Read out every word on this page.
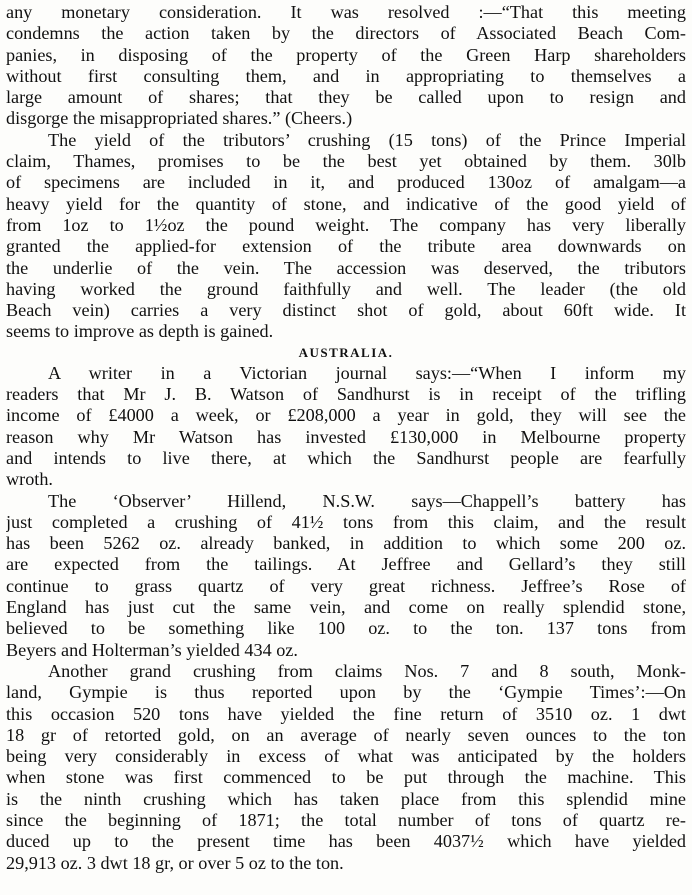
any monetary consideration. It was resolved :—“That this meeting
condemns the action taken by the directors of Associated Beach Com-
panies, in disposing of the property of the Green Harp shareholders
without first consulting them, and in appropriating to themselves a
large amount of shares; that they be called upon to resign and
disgorge the misappropriated shares.” (Cheers.)
The yield of the tributors’ crushing (15 tons) of the Prince Imperial
claim, Thames, promises to be the best yet obtained by them. 30lb
of specimens are included in it, and produced 130oz of amalgam—a
heavy yield for the quantity of stone, and indicative of the good yield of
from 1oz to 1½oz the pound weight. The company has very liberally
granted the applied-for extension of the tribute area downwards on
the underlie of the vein. The accession was deserved, the tributors
having worked the ground faithfully and well. The leader (the old
Beach vein) carries a very distinct shot of gold, about 60ft wide. It
seems to improve as depth is gained.
AUSTRALIA.
A writer in a Victorian journal says:—“When I inform my
readers that Mr J. B. Watson of Sandhurst is in receipt of the trifling
income of £4000 a week, or £208,000 a year in gold, they will see the
reason why Mr Watson has invested £130,000 in Melbourne property
and intends to live there, at which the Sandhurst people are fearfully
wroth.
The ‘Observer’ Hillend, N.S.W. says—Chappell’s battery has
just completed a crushing of 41½ tons from this claim, and the result
has been 5262 oz. already banked, in addition to which some 200 oz.
are expected from the tailings. At Jeffree and Gellard’s they still
continue to grass quartz of very great richness. Jeffree’s Rose of
England has just cut the same vein, and come on really splendid stone,
believed to be something like 100 oz. to the ton. 137 tons from
Beyers and Holterman’s yielded 434 oz.
Another grand crushing from claims Nos. 7 and 8 south, Monk-
land, Gympie is thus reported upon by the ‘Gympie Times’:—On
this occasion 520 tons have yielded the fine return of 3510 oz. 1 dwt
18 gr of retorted gold, on an average of nearly seven ounces to the ton
being very considerably in excess of what was anticipated by the holders
when stone was first commenced to be put through the machine. This
is the ninth crushing which has taken place from this splendid mine
since the beginning of 1871; the total number of tons of quartz re-
duced up to the present time has been 4037½ which have yielded
29,913 oz. 3 dwt 18 gr, or over 5 oz to the ton.
